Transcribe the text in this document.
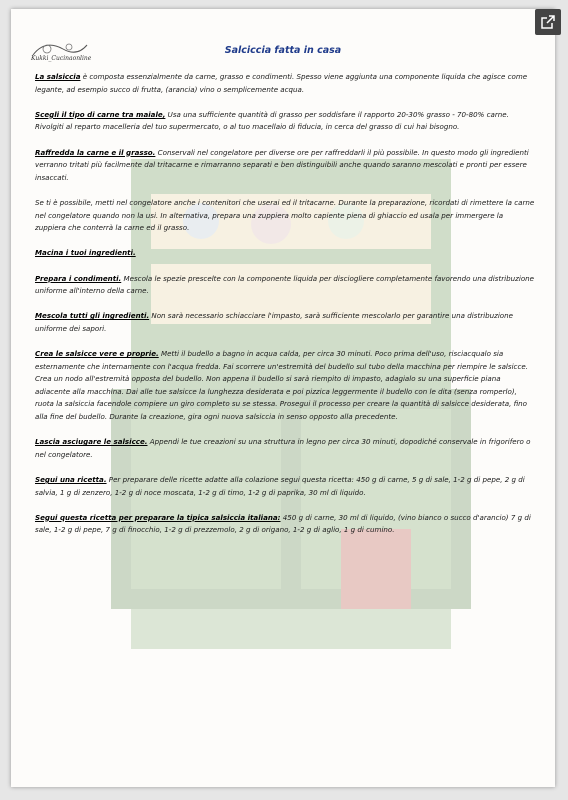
Kukki_Cucinaonline
Salciccia fatta in casa

La salsiccia è composta essenzialmente da carne, grasso e condimenti. Spesso viene aggiunta una componente liquida che agisce come legante, ad esempio succo di frutta, (arancia) vino o semplicemente acqua.

Scegli il tipo di carne tra maiale, Usa una sufficiente quantità di grasso per soddisfare il rapporto 20-30% grasso - 70-80% carne. Rivolgiti al reparto macelleria del tuo supermercato, o al tuo macellaio di fiducia, in cerca del grasso di cui hai bisogno.

Raffredda la carne e il grasso. Conservali nel congelatore per diverse ore per raffreddarli il più possibile. In questo modo gli ingredienti verranno tritati più facilmente dal tritacarne e rimarranno separati e ben distinguibili anche quando saranno mescolati e pronti per essere insaccati.

Se ti è possibile, metti nel congelatore anche i contenitori che userai ed il tritacarne. Durante la preparazione, ricordati di rimettere la carne nel congelatore quando non la usi. In alternativa, prepara una zuppiera molto capiente piena di ghiaccio ed usala per immergere la zuppiera che conterrà la carne ed il grasso.

Macina i tuoi ingredienti.

Prepara i condimenti. Mescola le spezie prescelte con la componente liquida per disciogliere completamente favorendo una distribuzione uniforme all'interno della carne.

Mescola tutti gli ingredienti. Non sarà necessario schiacciare l'impasto, sarà sufficiente mescolarlo per garantire una distribuzione uniforme dei sapori.

Crea le salsicce vere e proprie. Metti il budello a bagno in acqua calda, per circa 30 minuti. Poco prima dell'uso, risciacqualo sia esternamente che internamente con l'acqua fredda. Fai scorrere un'estremità del budello sul tubo della macchina per riempire le salsicce. Crea un nodo all'estremità opposta del budello. Non appena il budello si sarà riempito di impasto, adagialo su una superficie piana adiacente alla macchina. Dai alle tue salsicce la lunghezza desiderata e poi pizzica leggermente il budello con le dita (senza romperlo), ruota la salsiccia facendole compiere un giro completo su se stessa. Prosegui il processo per creare la quantità di salsicce desiderata, fino alla fine del budello. Durante la creazione, gira ogni nuova salsiccia in senso opposto alla precedente.

Lascia asciugare le salsicce. Appendi le tue creazioni su una struttura in legno per circa 30 minuti, dopodiché conservale in frigorifero o nel congelatore.

Segui una ricetta. Per preparare delle ricette adatte alla colazione segui questa ricetta: 450 g di carne, 5 g di sale, 1-2 g di pepe, 2 g di salvia, 1 g di zenzero, 1-2 g di noce moscata, 1-2 g di timo, 1-2 g di paprika, 30 ml di liquido.

Segui questa ricetta per preparare la tipica salsiccia italiana: 450 g di carne, 30 ml di liquido, (vino bianco o succo d'arancio) 7 g di sale, 1-2 g di pepe, 7 g di finocchio, 1-2 g di prezzemolo, 2 g di origano, 1-2 g di aglio, 1 g di cumino.
